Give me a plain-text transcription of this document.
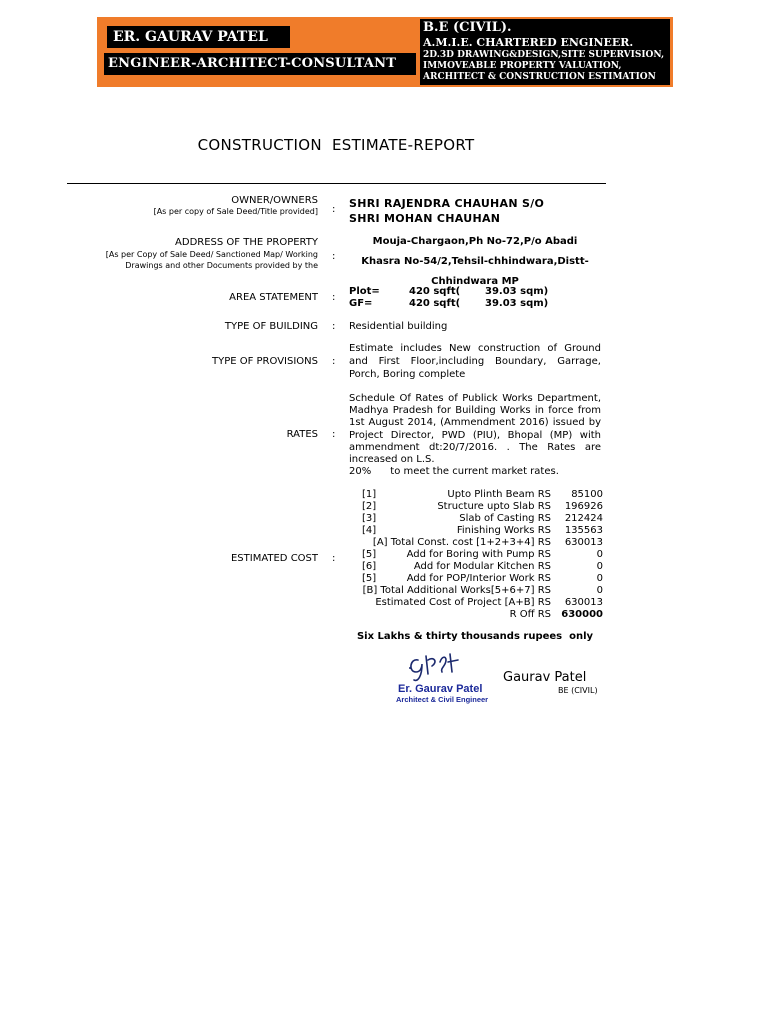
ER. GAURAV PATEL
ENGINEER-ARCHITECT-CONSULTANT
B.E (CIVIL).
A.M.I.E. CHARTERED ENGINEER.
2D.3D DRAWING&DESIGN,SITE SUPERVISION,
IMMOVEABLE PROPERTY VALUATION,
ARCHITECT & CONSTRUCTION ESTIMATION
CONSTRUCTION  ESTIMATE-REPORT
OWNER/OWNERS
[As per copy of Sale Deed/Title provided] : SHRI RAJENDRA CHAUHAN S/O
SHRI MOHAN CHAUHAN
ADDRESS OF THE PROPERTY
[As per Copy of Sale Deed/ Sanctioned Map/ Working
Drawings and other Documents provided by the
:
Mouja-Chargaon,Ph No-72,P/o Abadi
Khasra No-54/2,Tehsil-chhindwara,Distt-
Chhindwara MP
AREA STATEMENT :
Plot=	420 sqft( 39.03 sqm)
GF=	420 sqft( 39.03 sqm)
TYPE OF BUILDING : Residential building
TYPE OF PROVISIONS :
Estimate includes New construction of Ground and First Floor,including Boundary, Garrage, Porch, Boring complete
RATES :
Schedule Of Rates of Publick Works Department, Madhya Pradesh for Building Works in force from 1st August 2014, (Ammendment 2016) issued by Project Director, PWD (PIU), Bhopal (MP) with ammendment dt:20/7/2016. . The Rates are increased on L.S.
20%      to meet the current market rates.
ESTIMATED COST :
[1]	Upto Plinth Beam RS 85100
[2]	Structure upto Slab RS 196926
[3]	Slab of Casting RS 212424
[4]	Finishing Works RS 135563
[A] Total Const. cost [1+2+3+4] RS 630013
[5]	Add for Boring with Pump RS	0
[6]	Add for Modular Kitchen RS	0
[5]	Add for POP/Interior Work RS	0
[B] Total Additional Works[5+6+7] RS	0
Estimated Cost of Project [A+B] RS 630013
R Off RS 630000
Six Lakhs & thirty thousands rupees  only
Er. Gaurav Patel
Architect & Civil Engineer
Gaurav Patel
BE (CIVIL)
